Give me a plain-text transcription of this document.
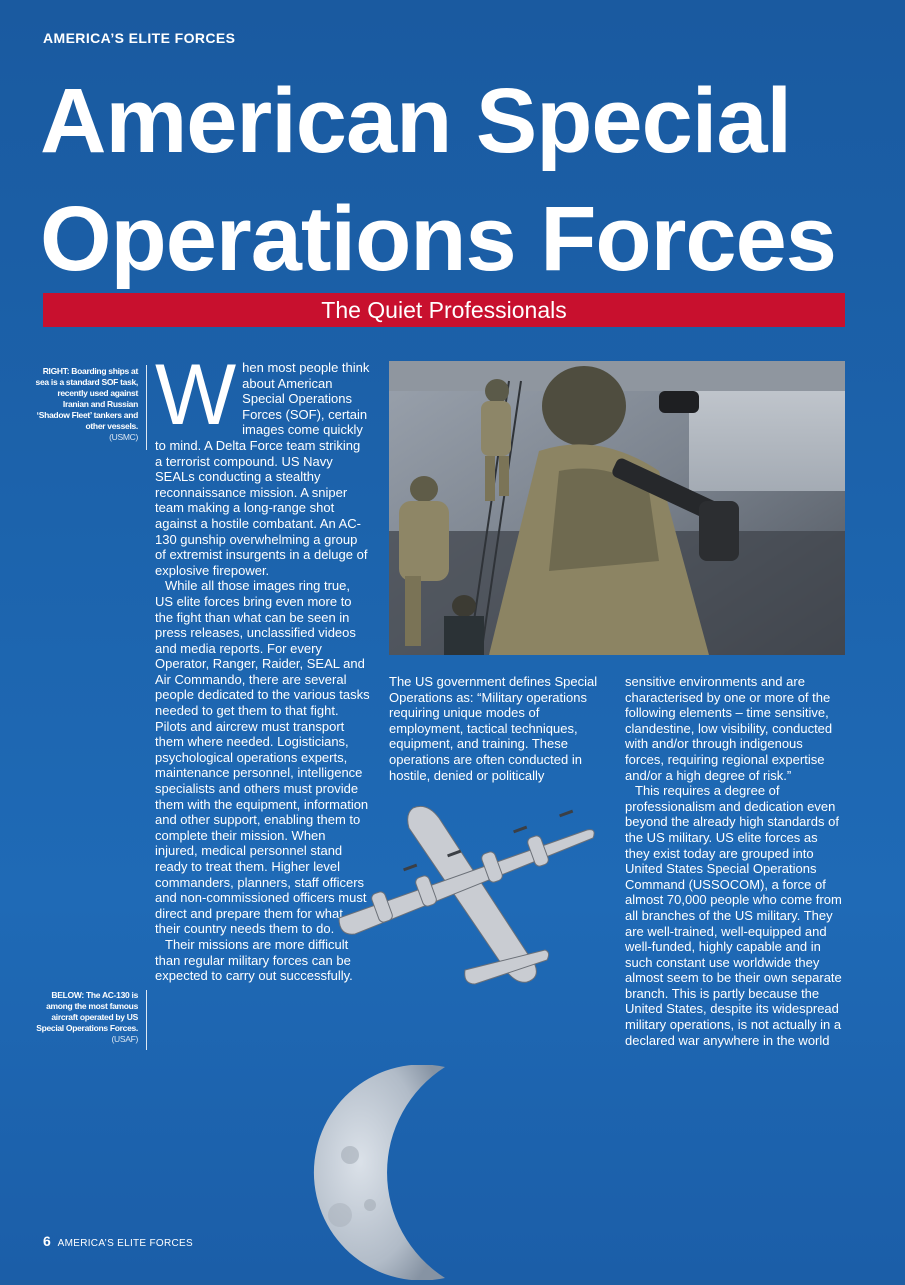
AMERICA’S ELITE FORCES
American Special
Operations Forces
The Quiet Professionals
RIGHT: Boarding ships at sea is a standard SOF task, recently used against Iranian and Russian ‘Shadow Fleet’ tankers and other vessels.
(USMC)
BELOW: The AC-130 is among the most famous aircraft operated by US Special Operations Forces. (USAF)
W hen most people think about American Special Operations Forces (SOF), certain images come quickly to mind. A Delta Force team striking a terrorist compound. US Navy SEALs conducting a stealthy reconnaissance mission. A sniper team making a long-range shot against a hostile combatant. An AC-130 gunship overwhelming a group of extremist insurgents in a deluge of explosive firepower.

While all those images ring true, US elite forces bring even more to the fight than what can be seen in press releases, unclassified videos and media reports. For every Operator, Ranger, Raider, SEAL and Air Commando, there are several people dedicated to the various tasks needed to get them to that fight. Pilots and aircrew must transport them where needed. Logisticians, psychological operations experts, maintenance personnel, intelligence specialists and others must provide them with the equipment, information and other support, enabling them to complete their mission. When injured, medical personnel stand ready to treat them. Higher level commanders, planners, staff officers and non-commissioned officers must direct and prepare them for what their country needs them to do.

Their missions are more difficult than regular military forces can be expected to carry out successfully.

The US government defines Special Operations as: “Military operations requiring unique modes of employment, tactical techniques, equipment, and training. These operations are often conducted in hostile, denied or politically

sensitive environments and are characterised by one or more of the following elements – time sensitive, clandestine, low visibility, conducted with and/or through indigenous forces, requiring regional expertise and/or a high degree of risk.”

This requires a degree of professionalism and dedication even beyond the already high standards of the US military. US elite forces as they exist today are grouped into United States Special Operations Command (USSOCOM), a force of almost 70,000 people who come from all branches of the US military. They are well-trained, well-equipped and well-funded, highly capable and in such constant use worldwide they almost seem to be their own separate branch. This is partly because the United States, despite its widespread military operations, is not actually in a declared war anywhere in the world

6 AMERICA’S ELITE FORCES
